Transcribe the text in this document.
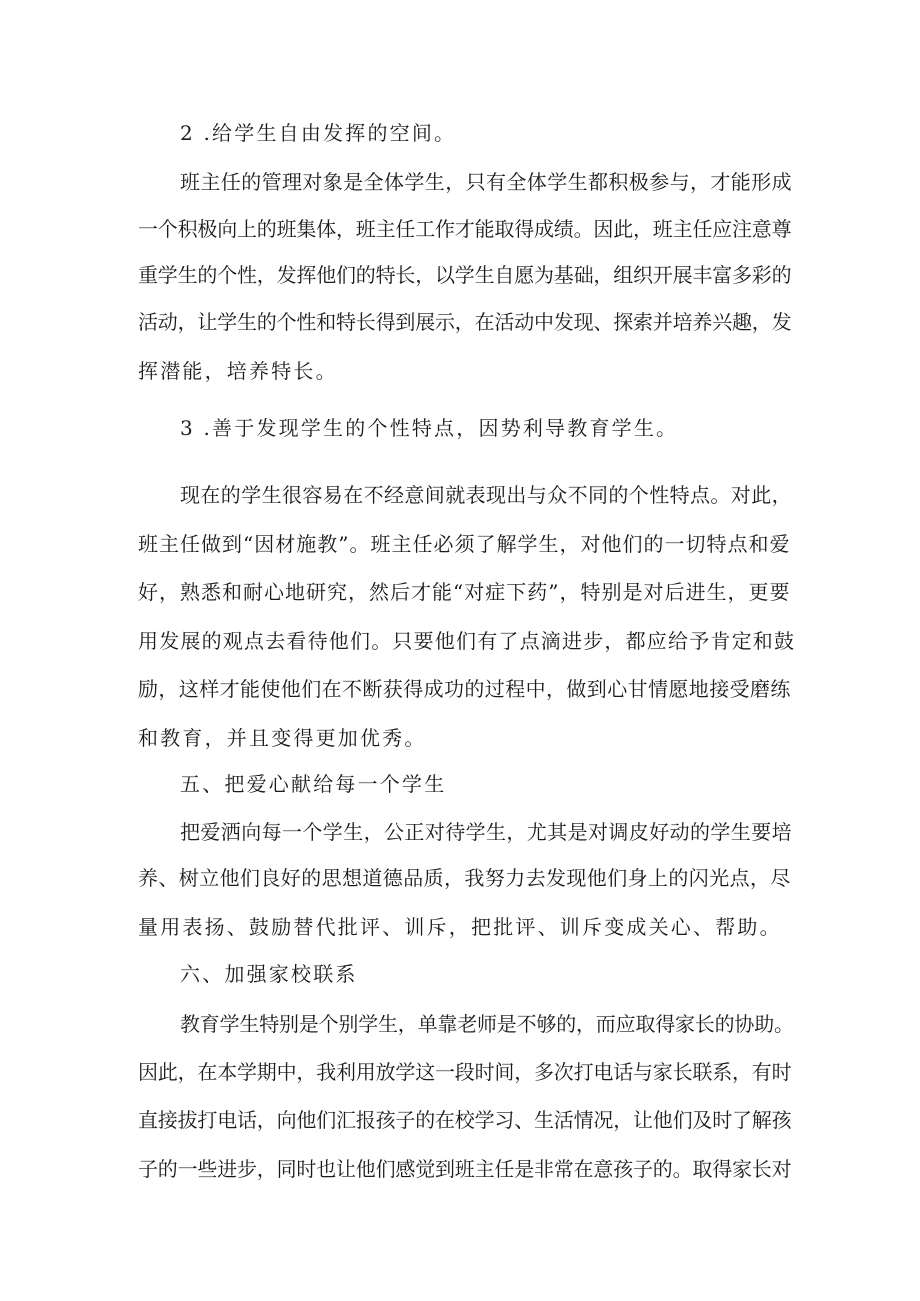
2 .给学生自由发挥的空间。
班主任的管理对象是全体学生，只有全体学生都积极参与，才能形成
一个积极向上的班集体，班主任工作才能取得成绩。因此，班主任应注意尊
重学生的个性，发挥他们的特长，以学生自愿为基础，组织开展丰富多彩的
活动，让学生的个性和特长得到展示，在活动中发现、探索并培养兴趣，发
挥潜能，培养特长。
3 .善于发现学生的个性特点，因势利导教育学生。
现在的学生很容易在不经意间就表现出与众不同的个性特点。对此，
班主任做到“因材施教”。班主任必须了解学生，对他们的一切特点和爱
好，熟悉和耐心地研究，然后才能“对症下药”，特别是对后进生，更要
用发展的观点去看待他们。只要他们有了点滴进步，都应给予肯定和鼓
励，这样才能使他们在不断获得成功的过程中，做到心甘情愿地接受磨练
和教育，并且变得更加优秀。
五、把爱心献给每一个学生
把爱洒向每一个学生，公正对待学生，尤其是对调皮好动的学生要培
养、树立他们良好的思想道德品质，我努力去发现他们身上的闪光点，尽
量用表扬、鼓励替代批评、训斥，把批评、训斥变成关心、帮助。
六、加强家校联系
教育学生特别是个别学生，单靠老师是不够的，而应取得家长的协助。
因此，在本学期中，我利用放学这一段时间，多次打电话与家长联系，有时
直接拔打电话，向他们汇报孩子的在校学习、生活情况，让他们及时了解孩
子的一些进步，同时也让他们感觉到班主任是非常在意孩子的。取得家长对
